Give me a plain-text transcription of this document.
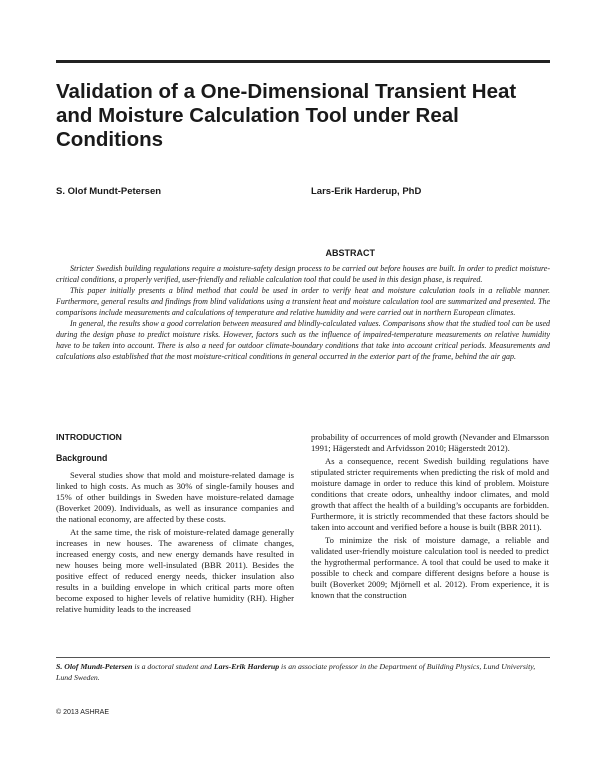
Validation of a One-Dimensional Transient Heat and Moisture Calculation Tool under Real Conditions
S. Olof Mundt-Petersen	Lars-Erik Harderup, PhD
ABSTRACT

Stricter Swedish building regulations require a moisture-safety design process to be carried out before houses are built. In order to predict moisture-critical conditions, a properly verified, user-friendly and reliable calculation tool that could be used in this design phase, is required.

This paper initially presents a blind method that could be used in order to verify heat and moisture calculation tools in a reliable manner. Furthermore, general results and findings from blind validations using a transient heat and moisture calculation tool are summarized and presented. The comparisons include measurements and calculations of temperature and relative humidity and were carried out in northern European climates.

In general, the results show a good correlation between measured and blindly-calculated values. Comparisons show that the studied tool can be used during the design phase to predict moisture risks. However, factors such as the influence of impaired-temperature measurements on relative humidity have to be taken into account. There is also a need for outdoor climate-boundary conditions that take into account critical periods. Measurements and calculations also established that the most moisture-critical conditions in general occurred in the exterior part of the frame, behind the air gap.

INTRODUCTION
Background

Several studies show that mold and moisture-related damage is linked to high costs. As much as 30% of single-family houses and 15% of other buildings in Sweden have moisture-related damage (Boverket 2009). Individuals, as well as insurance companies and the national economy, are affected by these costs.

At the same time, the risk of moisture-related damage generally increases in new houses. The awareness of climate changes, increased energy costs, and new energy demands have resulted in new houses being more well-insulated (BBR 2011). Besides the positive effect of reduced energy needs, thicker insulation also results in a building envelope in which critical parts more often become exposed to higher levels of relative humidity (RH). Higher relative humidity leads to the increased

probability of occurrences of mold growth (Nevander and Elmarsson 1991; Hägerstedt and Arfvidsson 2010; Hägerstedt 2012).

As a consequence, recent Swedish building regulations have stipulated stricter requirements when predicting the risk of mold and moisture damage in order to reduce this kind of problem. Moisture conditions that create odors, unhealthy indoor climates, and mold growth that affect the health of a building’s occupants are forbidden. Furthermore, it is strictly recommended that these factors should be taken into account and verified before a house is built (BBR 2011).

To minimize the risk of moisture damage, a reliable and validated user-friendly moisture calculation tool is needed to predict the hygrothermal performance. A tool that could be used to make it possible to check and compare different designs before a house is built (Boverket 2009; Mjörnell et al. 2012). From experience, it is known that the construction

S. Olof Mundt-Petersen is a doctoral student and Lars-Erik Harderup is an associate professor in the Department of Building Physics, Lund University, Lund Sweden.
© 2013 ASHRAE
